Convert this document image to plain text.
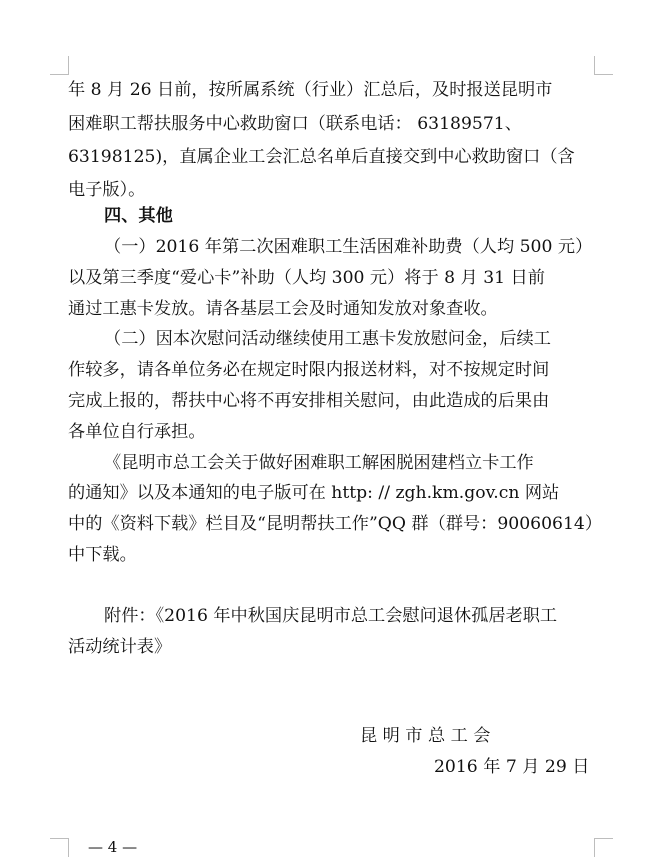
年 8 月 26 日前，按所属系统（行业）汇总后，及时报送昆明市
困难职工帮扶服务中心救助窗口（联系电话： 63189571、
63198125)，直属企业工会汇总名单后直接交到中心救助窗口（含
电子版）。
四、其他
（一）2016 年第二次困难职工生活困难补助费（人均 500 元）
以及第三季度“爱心卡”补助（人均 300 元）将于 8 月 31 日前
通过工惠卡发放。请各基层工会及时通知发放对象查收。
（二）因本次慰问活动继续使用工惠卡发放慰问金，后续工
作较多，请各单位务必在规定时限内报送材料，对不按规定时间
完成上报的，帮扶中心将不再安排相关慰问，由此造成的后果由
各单位自行承担。
《昆明市总工会关于做好困难职工解困脱困建档立卡工作
的通知》以及本通知的电子版可在 http: // zgh.km.gov.cn 网站
中的《资料下载》栏目及“昆明帮扶工作”QQ 群（群号：90060614）
中下载。
附件：《2016 年中秋国庆昆明市总工会慰问退休孤居老职工
活动统计表》
昆 明 市 总 工 会
2016 年 7 月 29 日
— 4 —
